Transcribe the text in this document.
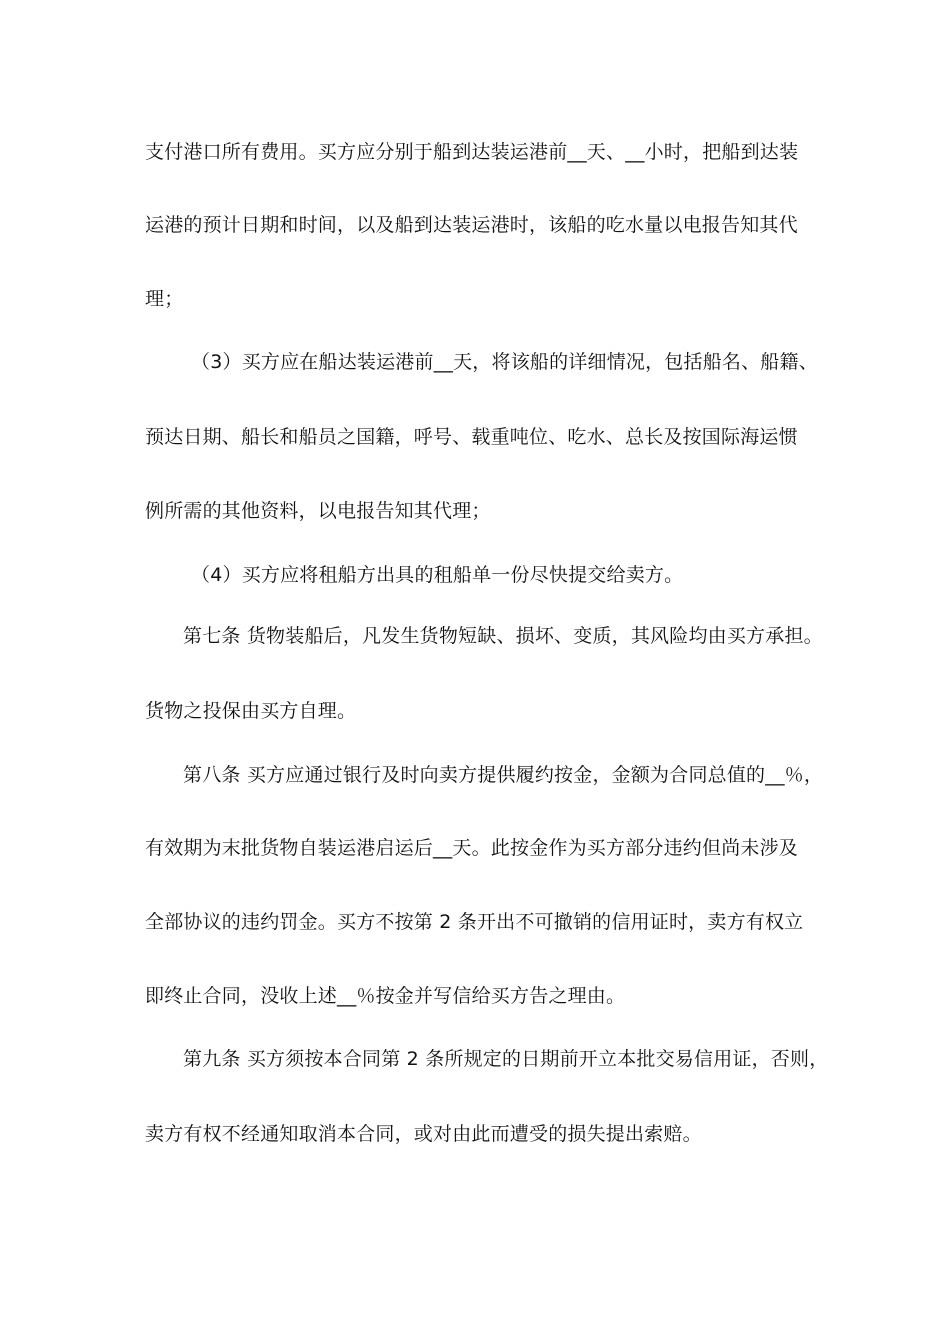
支付港口所有费用。买方应分别于船到达装运港前__天、__小时，把船到达装
运港的预计日期和时间，以及船到达装运港时，该船的吃水量以电报告知其代
理；
（3）买方应在船达装运港前__天，将该船的详细情况，包括船名、船籍、
预达日期、船长和船员之国籍，呼号、载重吨位、吃水、总长及按国际海运惯
例所需的其他资料，以电报告知其代理；
（4）买方应将租船方出具的租船单一份尽快提交给卖方。
第七条 货物装船后，凡发生货物短缺、损坏、变质，其风险均由买方承担。
货物之投保由买方自理。
第八条 买方应通过银行及时向卖方提供履约按金，金额为合同总值的__％，
有效期为末批货物自装运港启运后__天。此按金作为买方部分违约但尚未涉及
全部协议的违约罚金。买方不按第 2 条开出不可撤销的信用证时，卖方有权立
即终止合同，没收上述__％按金并写信给买方告之理由。
第九条 买方须按本合同第 2 条所规定的日期前开立本批交易信用证，否则，
卖方有权不经通知取消本合同，或对由此而遭受的损失提出索赔。
